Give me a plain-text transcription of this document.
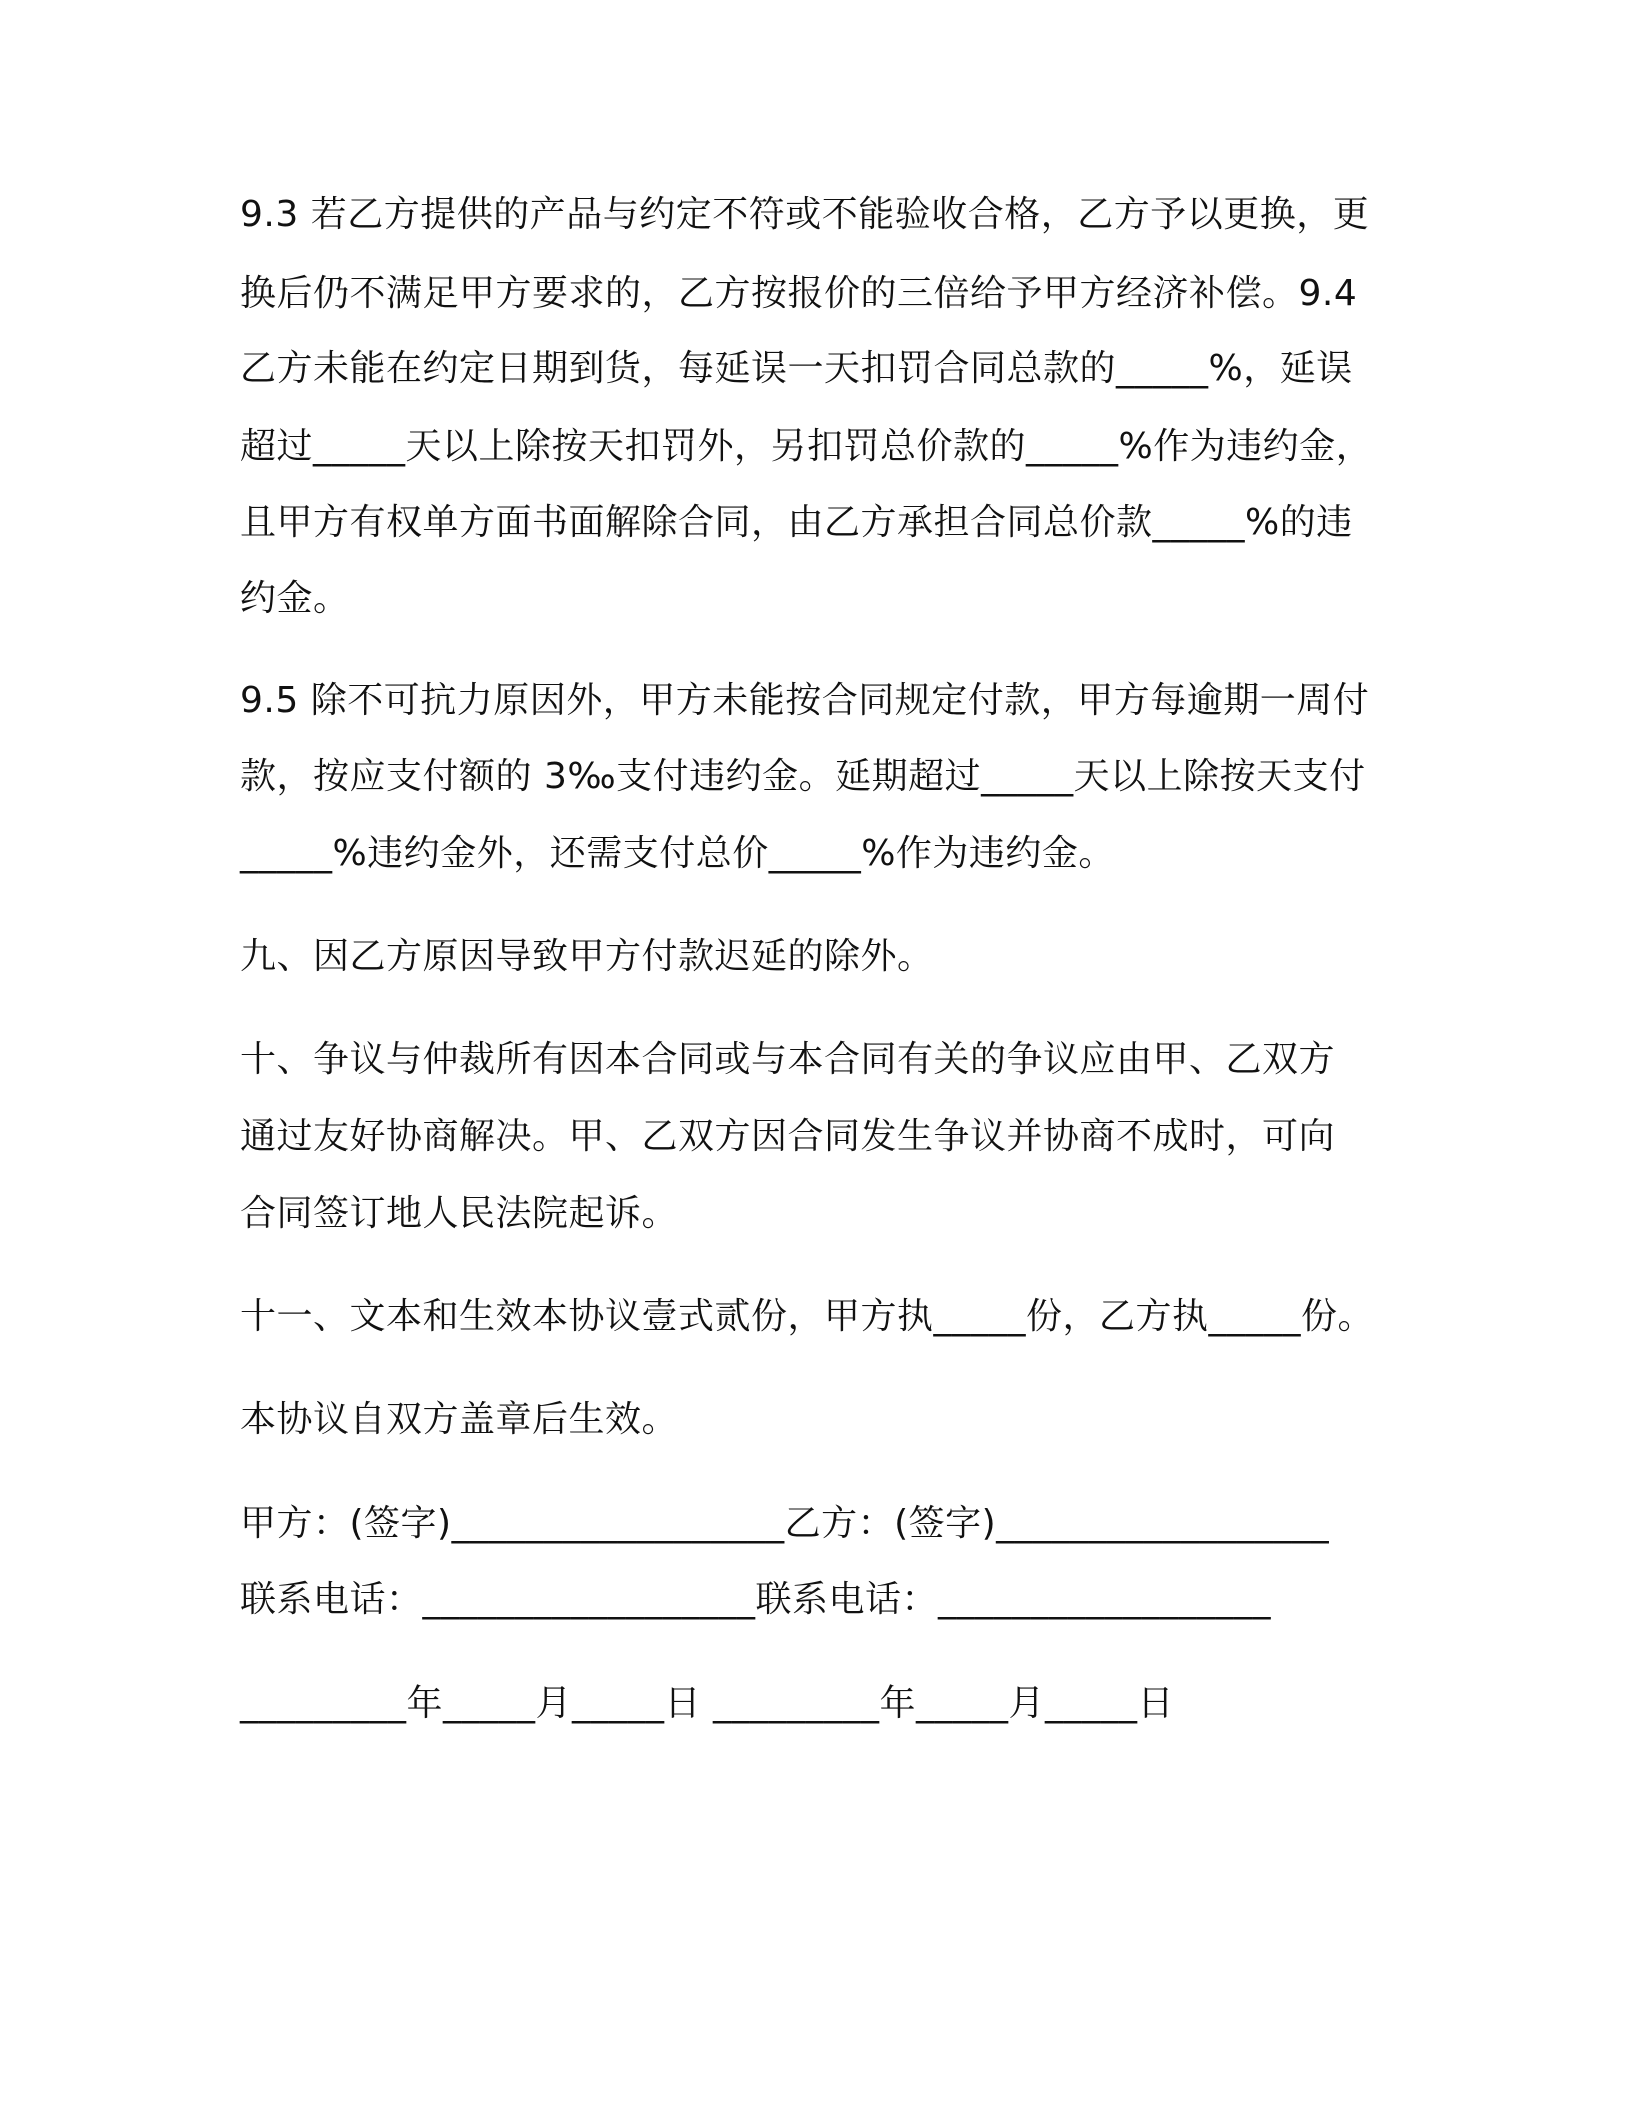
9.3 若乙方提供的产品与约定不符或不能验收合格，乙方予以更换，更

换后仍不满足甲方要求的，乙方按报价的三倍给予甲方经济补偿。9.4

乙方未能在约定日期到货，每延误一天扣罚合同总款的_____%，延误

超过_____天以上除按天扣罚外，另扣罚总价款的_____%作为违约金，

且甲方有权单方面书面解除合同，由乙方承担合同总价款_____%的违

约金。

9.5 除不可抗力原因外，甲方未能按合同规定付款，甲方每逾期一周付

款，按应支付额的 3‰支付违约金。延期超过_____天以上除按天支付

_____%违约金外，还需支付总价_____%作为违约金。

九、因乙方原因导致甲方付款迟延的除外。

十、争议与仲裁所有因本合同或与本合同有关的争议应由甲、乙双方

通过友好协商解决。甲、乙双方因合同发生争议并协商不成时，可向

合同签订地人民法院起诉。

十一、文本和生效本协议壹式贰份，甲方执_____份，乙方执_____份。

本协议自双方盖章后生效。

甲方：(签字)__________________乙方：(签字)__________________

联系电话：__________________联系电话：__________________

_________年_____月_____日 _________年_____月_____日
